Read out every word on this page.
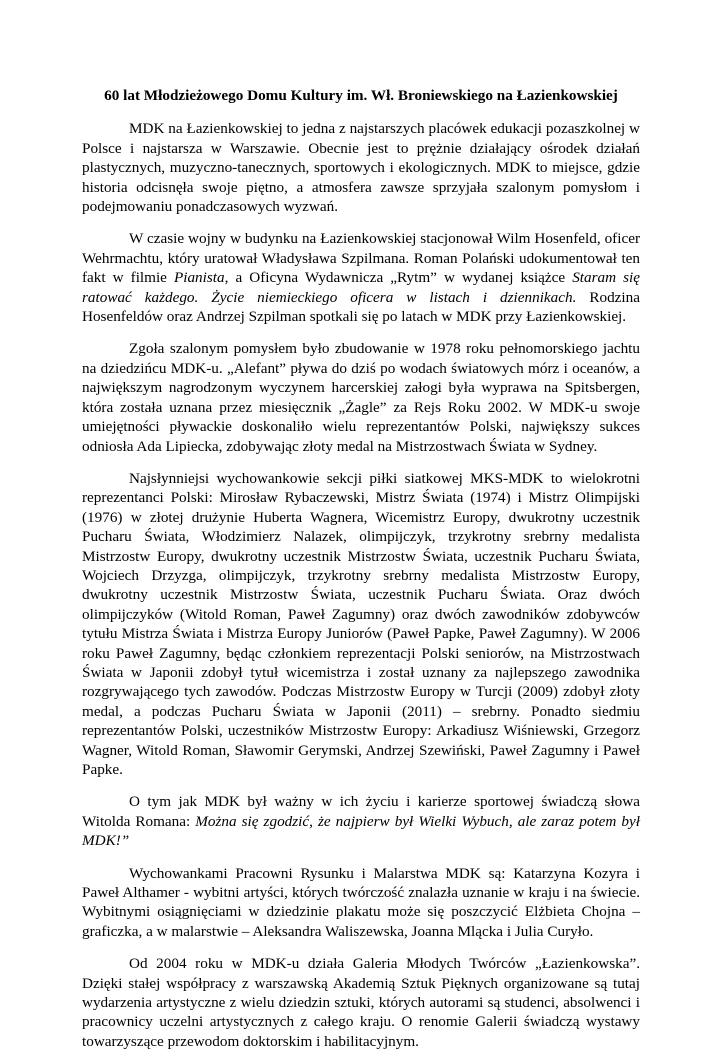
60 lat Młodzieżowego Domu Kultury im. Wł. Broniewskiego na Łazienkowskiej

MDK na Łazienkowskiej to jedna z najstarszych placówek edukacji pozaszkolnej w Polsce i najstarsza w Warszawie. Obecnie jest to prężnie działający ośrodek działań plastycznych, muzyczno-tanecznych, sportowych i ekologicznych. MDK to miejsce, gdzie historia odcisnęła swoje piętno, a atmosfera zawsze sprzyjała szalonym pomysłom i podejmowaniu ponadczasowych wyzwań.

W czasie wojny w budynku na Łazienkowskiej stacjonował Wilm Hosenfeld, oficer Wehrmachtu, który uratował Władysława Szpilmana. Roman Polański udokumentował ten fakt w filmie Pianista, a Oficyna Wydawnicza „Rytm” w wydanej książce Staram się ratować każdego. Życie niemieckiego oficera w listach i dziennikach. Rodzina Hosenfeldów oraz Andrzej Szpilman spotkali się po latach w MDK przy Łazienkowskiej.

Zgoła szalonym pomysłem było zbudowanie w 1978 roku pełnomorskiego jachtu na dziedzińcu MDK-u. „Alefant” pływa do dziś po wodach światowych mórz i oceanów, a największym nagrodzonym wyczynem harcerskiej załogi była wyprawa na Spitsbergen, która została uznana przez miesięcznik „Żagle” za Rejs Roku 2002. W MDK-u swoje umiejętności pływackie doskonaliło wielu reprezentantów Polski, największy sukces odniosła Ada Lipiecka, zdobywając złoty medal na Mistrzostwach Świata w Sydney.

Najsłynniejsi wychowankowie sekcji piłki siatkowej MKS-MDK to wielokrotni reprezentanci Polski: Mirosław Rybaczewski, Mistrz Świata (1974) i Mistrz Olimpijski (1976) w złotej drużynie Huberta Wagnera, Wicemistrz Europy, dwukrotny uczestnik Pucharu Świata, Włodzimierz Nalazek, olimpijczyk, trzykrotny srebrny medalista Mistrzostw Europy, dwukrotny uczestnik Mistrzostw Świata, uczestnik Pucharu Świata, Wojciech Drzyzga, olimpijczyk, trzykrotny srebrny medalista Mistrzostw Europy, dwukrotny uczestnik Mistrzostw Świata, uczestnik Pucharu Świata. Oraz dwóch olimpijczyków (Witold Roman, Paweł Zagumny) oraz dwóch zawodników zdobywców tytułu Mistrza Świata i Mistrza Europy Juniorów (Paweł Papke, Paweł Zagumny). W 2006 roku Paweł Zagumny, będąc członkiem reprezentacji Polski seniorów, na Mistrzostwach Świata w Japonii zdobył tytuł wicemistrza i został uznany za najlepszego zawodnika rozgrywającego tych zawodów. Podczas Mistrzostw Europy w Turcji (2009) zdobył złoty medal, a podczas Pucharu Świata w Japonii (2011) – srebrny. Ponadto siedmiu reprezentantów Polski, uczestników Mistrzostw Europy: Arkadiusz Wiśniewski, Grzegorz Wagner, Witold Roman, Sławomir Gerymski, Andrzej Szewiński, Paweł Zagumny i Paweł Papke.

O tym jak MDK był ważny w ich życiu i karierze sportowej świadczą słowa Witolda Romana: Można się zgodzić, że najpierw był Wielki Wybuch, ale zaraz potem był MDK!”

Wychowankami Pracowni Rysunku i Malarstwa MDK są: Katarzyna Kozyra i Paweł Althamer - wybitni artyści, których twórczość znalazła uznanie w kraju i na świecie. Wybitnymi osiągnięciami w dziedzinie plakatu może się poszczycić Elżbieta Chojna – graficzka, a w malarstwie – Aleksandra Waliszewska, Joanna Mlącka i Julia Curyło.

Od 2004 roku w MDK-u działa Galeria Młodych Twórców „Łazienkowska”. Dzięki stałej współpracy z warszawską Akademią Sztuk Pięknych organizowane są tutaj wydarzenia artystyczne z wielu dziedzin sztuki, których autorami są studenci, absolwenci i pracownicy uczelni artystycznych z całego kraju. O renomie Galerii świadczą wystawy towarzyszące przewodom doktorskim i habilitacyjnym.
